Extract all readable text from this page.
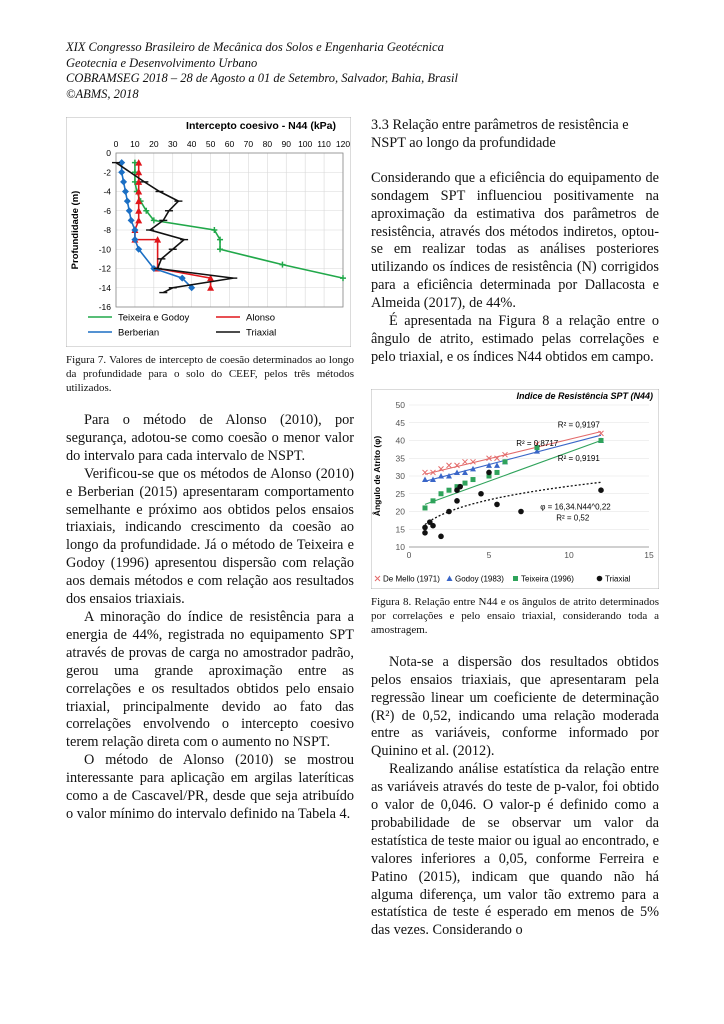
XIX Congresso Brasileiro de Mecânica dos Solos e Engenharia Geotécnica
Geotecnia e Desenvolvimento Urbano
COBRAMSEG 2018 – 28 de Agosto a 01 de Setembro, Salvador, Bahia, Brasil
©ABMS, 2018
Intercepto coesivo - N44 (kPa)
0 10 20 30 40 50 60 70 80 90 100 110 120
0
-2
-4
-6
-8
-10
-12
-14
-16
Profundidade (m)
Teixeira e Godoy	Alonso
Berberian	Triaxial

Figura 7. Valores de intercepto de coesão determinados ao longo da profundidade para o solo do CEEF, pelos três métodos utilizados.

Para o método de Alonso (2010), por segurança, adotou-se como coesão o menor valor do intervalo para cada intervalo de NSPT.

Verificou-se que os métodos de Alonso (2010) e Berberian (2015) apresentaram comportamento semelhante e próximo aos obtidos pelos ensaios triaxiais, indicando crescimento da coesão ao longo da profundidade. Já o método de Teixeira e Godoy (1996) apresentou dispersão com relação aos demais métodos e com relação aos resultados dos ensaios triaxiais.

A minoração do índice de resistência para a energia de 44%, registrada no equipamento SPT através de provas de carga no amostrador padrão, gerou uma grande aproximação entre as correlações e os resultados obtidos pelo ensaio triaxial, principalmente devido ao fato das correlações envolvendo o intercepto coesivo terem relação direta com o aumento no NSPT.

O método de Alonso (2010) se mostrou interessante para aplicação em argilas lateríticas como a de Cascavel/PR, desde que seja atribuído o valor mínimo do intervalo definido na Tabela 4.

3.3 Relação entre parâmetros de resistência e NSPT ao longo da profundidade

Considerando que a eficiência do equipamento de sondagem SPT influenciou positivamente na aproximação da estimativa dos parâmetros de resistência, através dos métodos indiretos, optou-se em realizar todas as análises posteriores utilizando os índices de resistência (N) corrigidos para a eficiência determinada por Dallacosta e Almeida (2017), de 44%.

É apresentada na Figura 8 a relação entre o ângulo de atrito, estimado pelas correlações e pelo triaxial, e os índices N44 obtidos em campo.

Indice de Resistência SPT (N44)
10
15
20
25
30
35
40
45
50
0	5	10	15
Ângulo de Atrito (φ)	R² = 0,8717
R² = 0,9197
R² = 0,9191
φ = 16,34.N44^0,22
R² = 0,52
De Mello (1971) Godoy (1983) Teixeira (1996)	Triaxial

Figura 8. Relação entre N44 e os ângulos de atrito determinados por correlações e pelo ensaio triaxial, considerando toda a amostragem.

Nota-se a dispersão dos resultados obtidos pelos ensaios triaxiais, que apresentaram pela regressão linear um coeficiente de determinação (R²) de 0,52, indicando uma relação moderada entre as variáveis, conforme informado por Quinino et al. (2012).

Realizando análise estatística da relação entre as variáveis através do teste de p-valor, foi obtido o valor de 0,046. O valor-p é definido como a probabilidade de se observar um valor da estatística de teste maior ou igual ao encontrado, e valores inferiores a 0,05, conforme Ferreira e Patino (2015), indicam que quando não há alguma diferença, um valor tão extremo para a estatística de teste é esperado em menos de 5% das vezes. Considerando o
